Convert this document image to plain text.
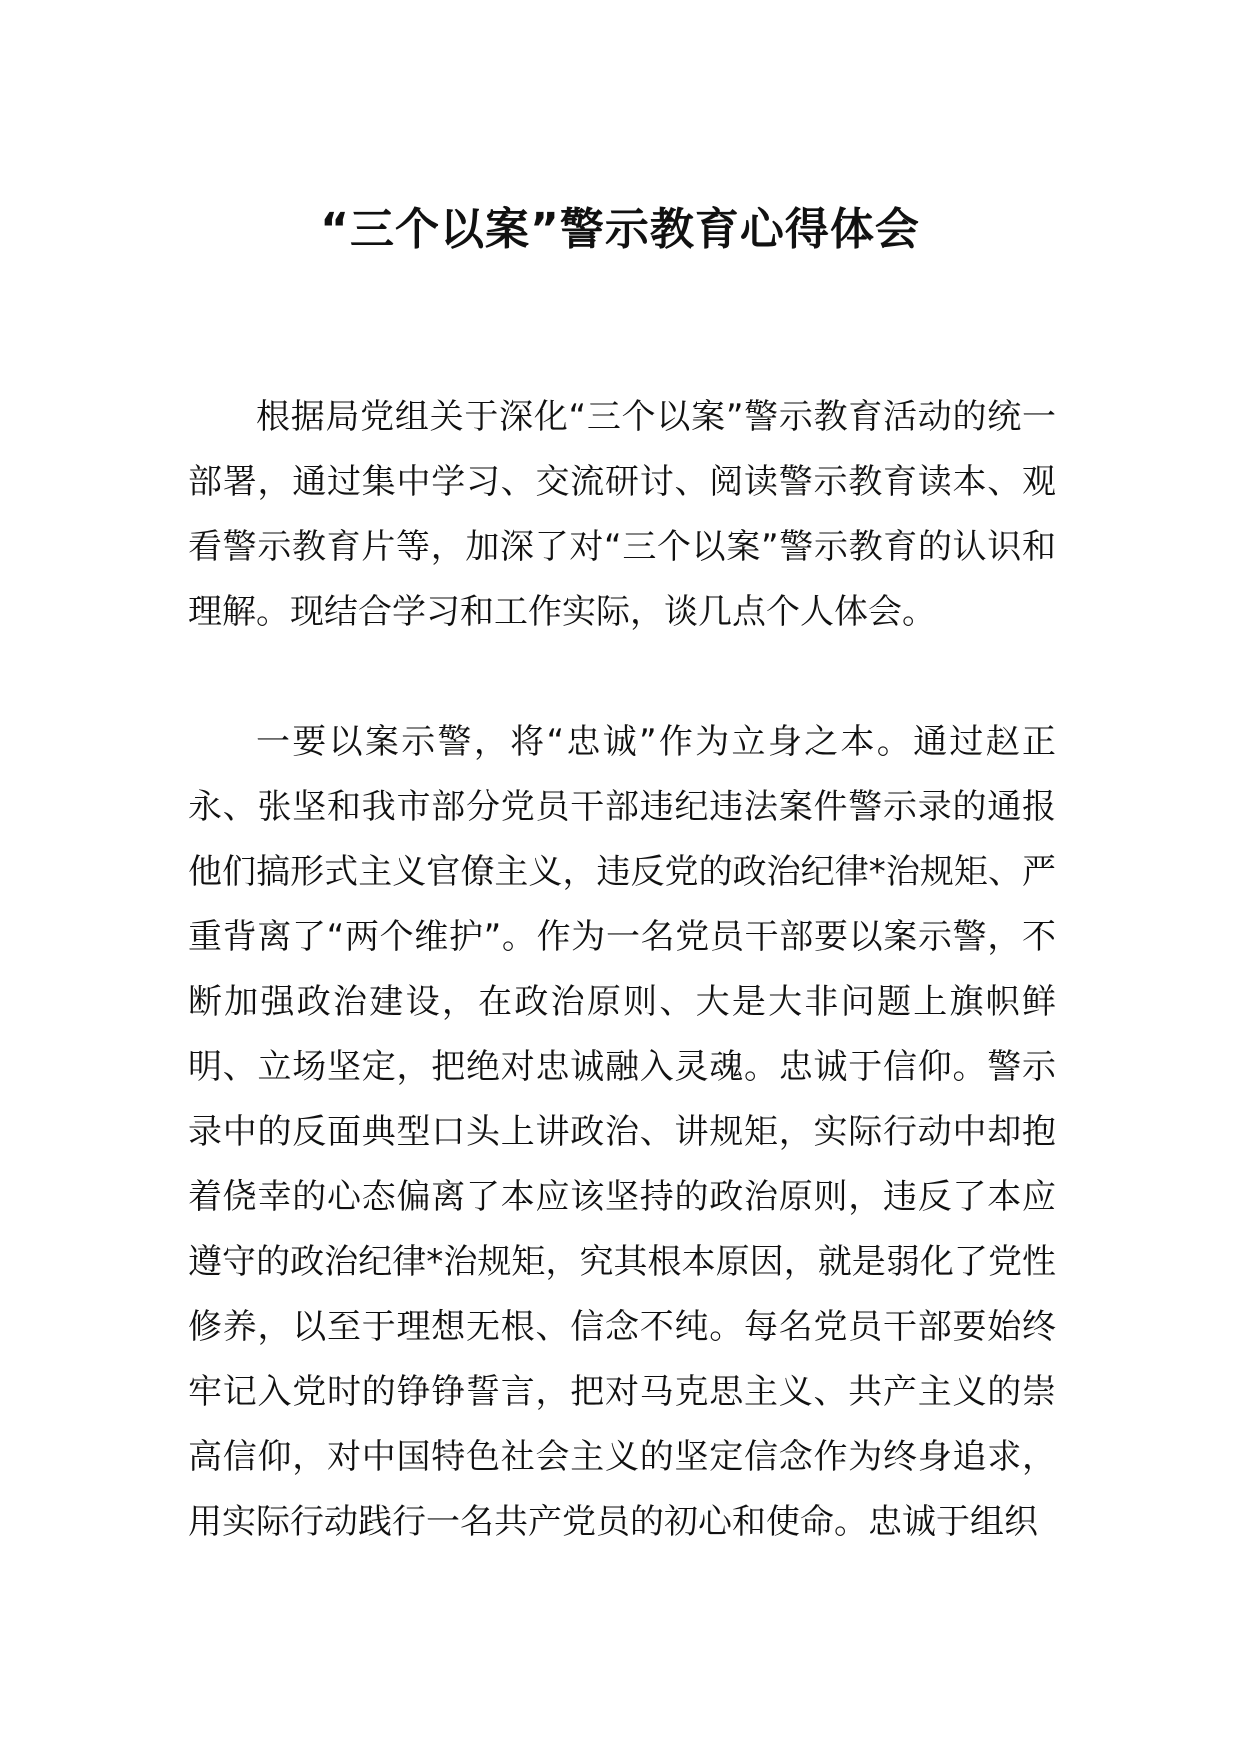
“三个以案”警示教育心得体会

根据局党组关于深化“三个以案”警示教育活动的统一部署，通过集中学习、交流研讨、阅读警示教育读本、观看警示教育片等，加深了对“三个以案”警示教育的认识和理解。现结合学习和工作实际，谈几点个人体会。

一要以案示警，将“忠诚”作为立身之本。通过赵正永、张坚和我市部分党员干部违纪违法案件警示录的通报他们搞形式主义官僚主义，违反党的政治纪律*治规矩、严重背离了“两个维护”。作为一名党员干部要以案示警，不断加强政治建设，在政治原则、大是大非问题上旗帜鲜明、立场坚定，把绝对忠诚融入灵魂。忠诚于信仰。警示录中的反面典型口头上讲政治、讲规矩，实际行动中却抱着侥幸的心态偏离了本应该坚持的政治原则，违反了本应遵守的政治纪律*治规矩，究其根本原因，就是弱化了党性修养，以至于理想无根、信念不纯。每名党员干部要始终牢记入党时的铮铮誓言，把对马克思主义、共产主义的崇高信仰，对中国特色社会主义的坚定信念作为终身追求，用实际行动践行一名共产党员的初心和使命。忠诚于组织
